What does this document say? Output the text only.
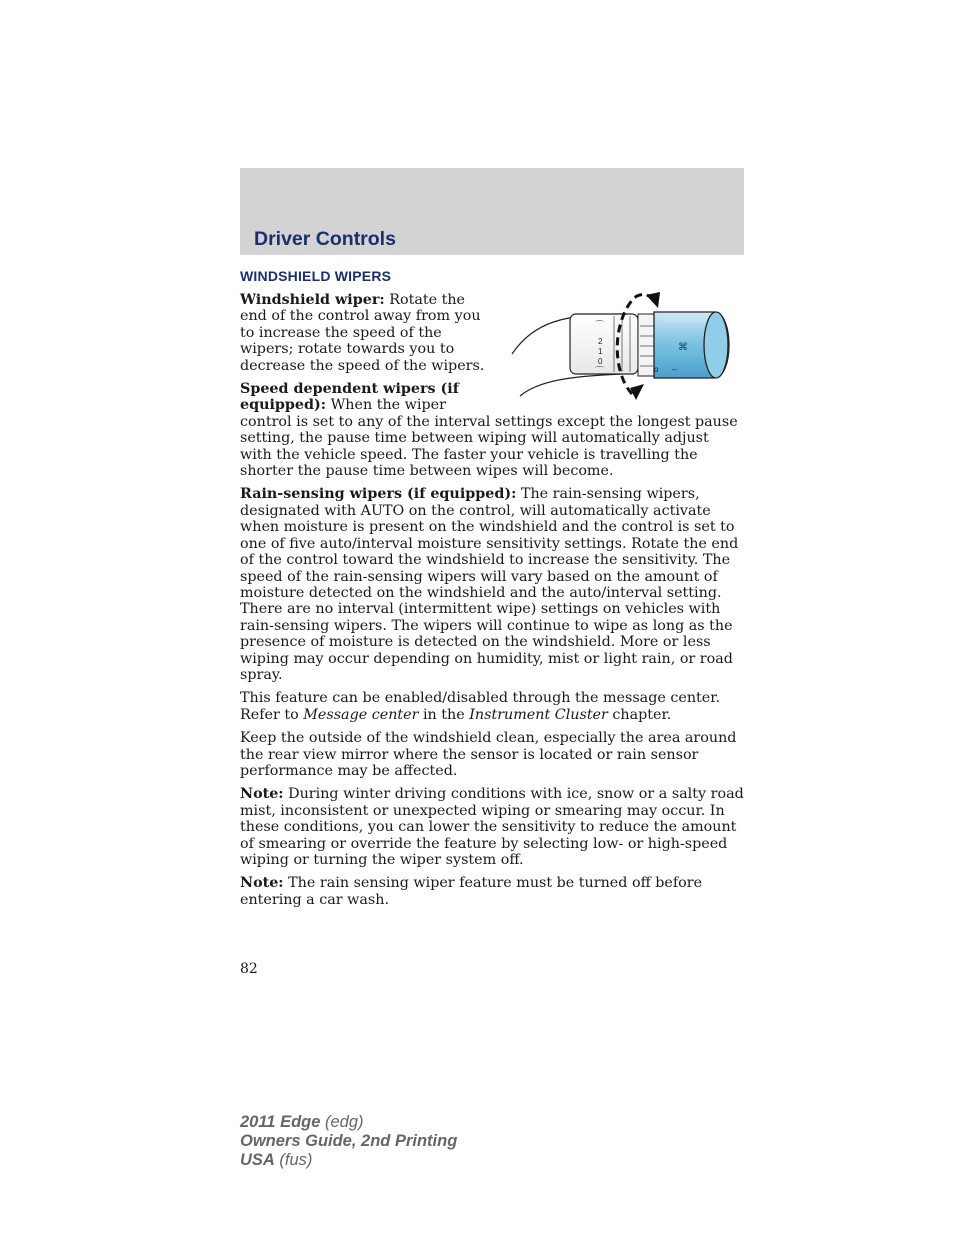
Driver Controls
WINDSHIELD WIPERS
⌒
2
1
0
⌒
⌘
o –

Windshield wiper: Rotate the end of the control away from you to increase the speed of the wipers; rotate towards you to decrease the speed of the wipers.

Speed dependent wipers (if equipped): When the wiper control is set to any of the interval settings except the longest pause setting, the pause time between wiping will automatically adjust with the vehicle speed. The faster your vehicle is travelling the shorter the pause time between wipes will become.

Rain-sensing wipers (if equipped): The rain-sensing wipers, designated with AUTO on the control, will automatically activate when moisture is present on the windshield and the control is set to one of five auto/interval moisture sensitivity settings. Rotate the end of the control toward the windshield to increase the sensitivity. The speed of the rain-sensing wipers will vary based on the amount of moisture detected on the windshield and the auto/interval setting. There are no interval (intermittent wipe) settings on vehicles with rain-sensing wipers. The wipers will continue to wipe as long as the presence of moisture is detected on the windshield. More or less wiping may occur depending on humidity, mist or light rain, or road spray.

This feature can be enabled/disabled through the message center. Refer to Message center in the Instrument Cluster chapter.

Keep the outside of the windshield clean, especially the area around the rear view mirror where the sensor is located or rain sensor performance may be affected.

Note: During winter driving conditions with ice, snow or a salty road mist, inconsistent or unexpected wiping or smearing may occur. In these conditions, you can lower the sensitivity to reduce the amount of smearing or override the feature by selecting low- or high-speed wiping or turning the wiper system off.

Note: The rain sensing wiper feature must be turned off before entering a car wash.

82
2011 Edge (edg)
Owners Guide, 2nd Printing
USA (fus)
